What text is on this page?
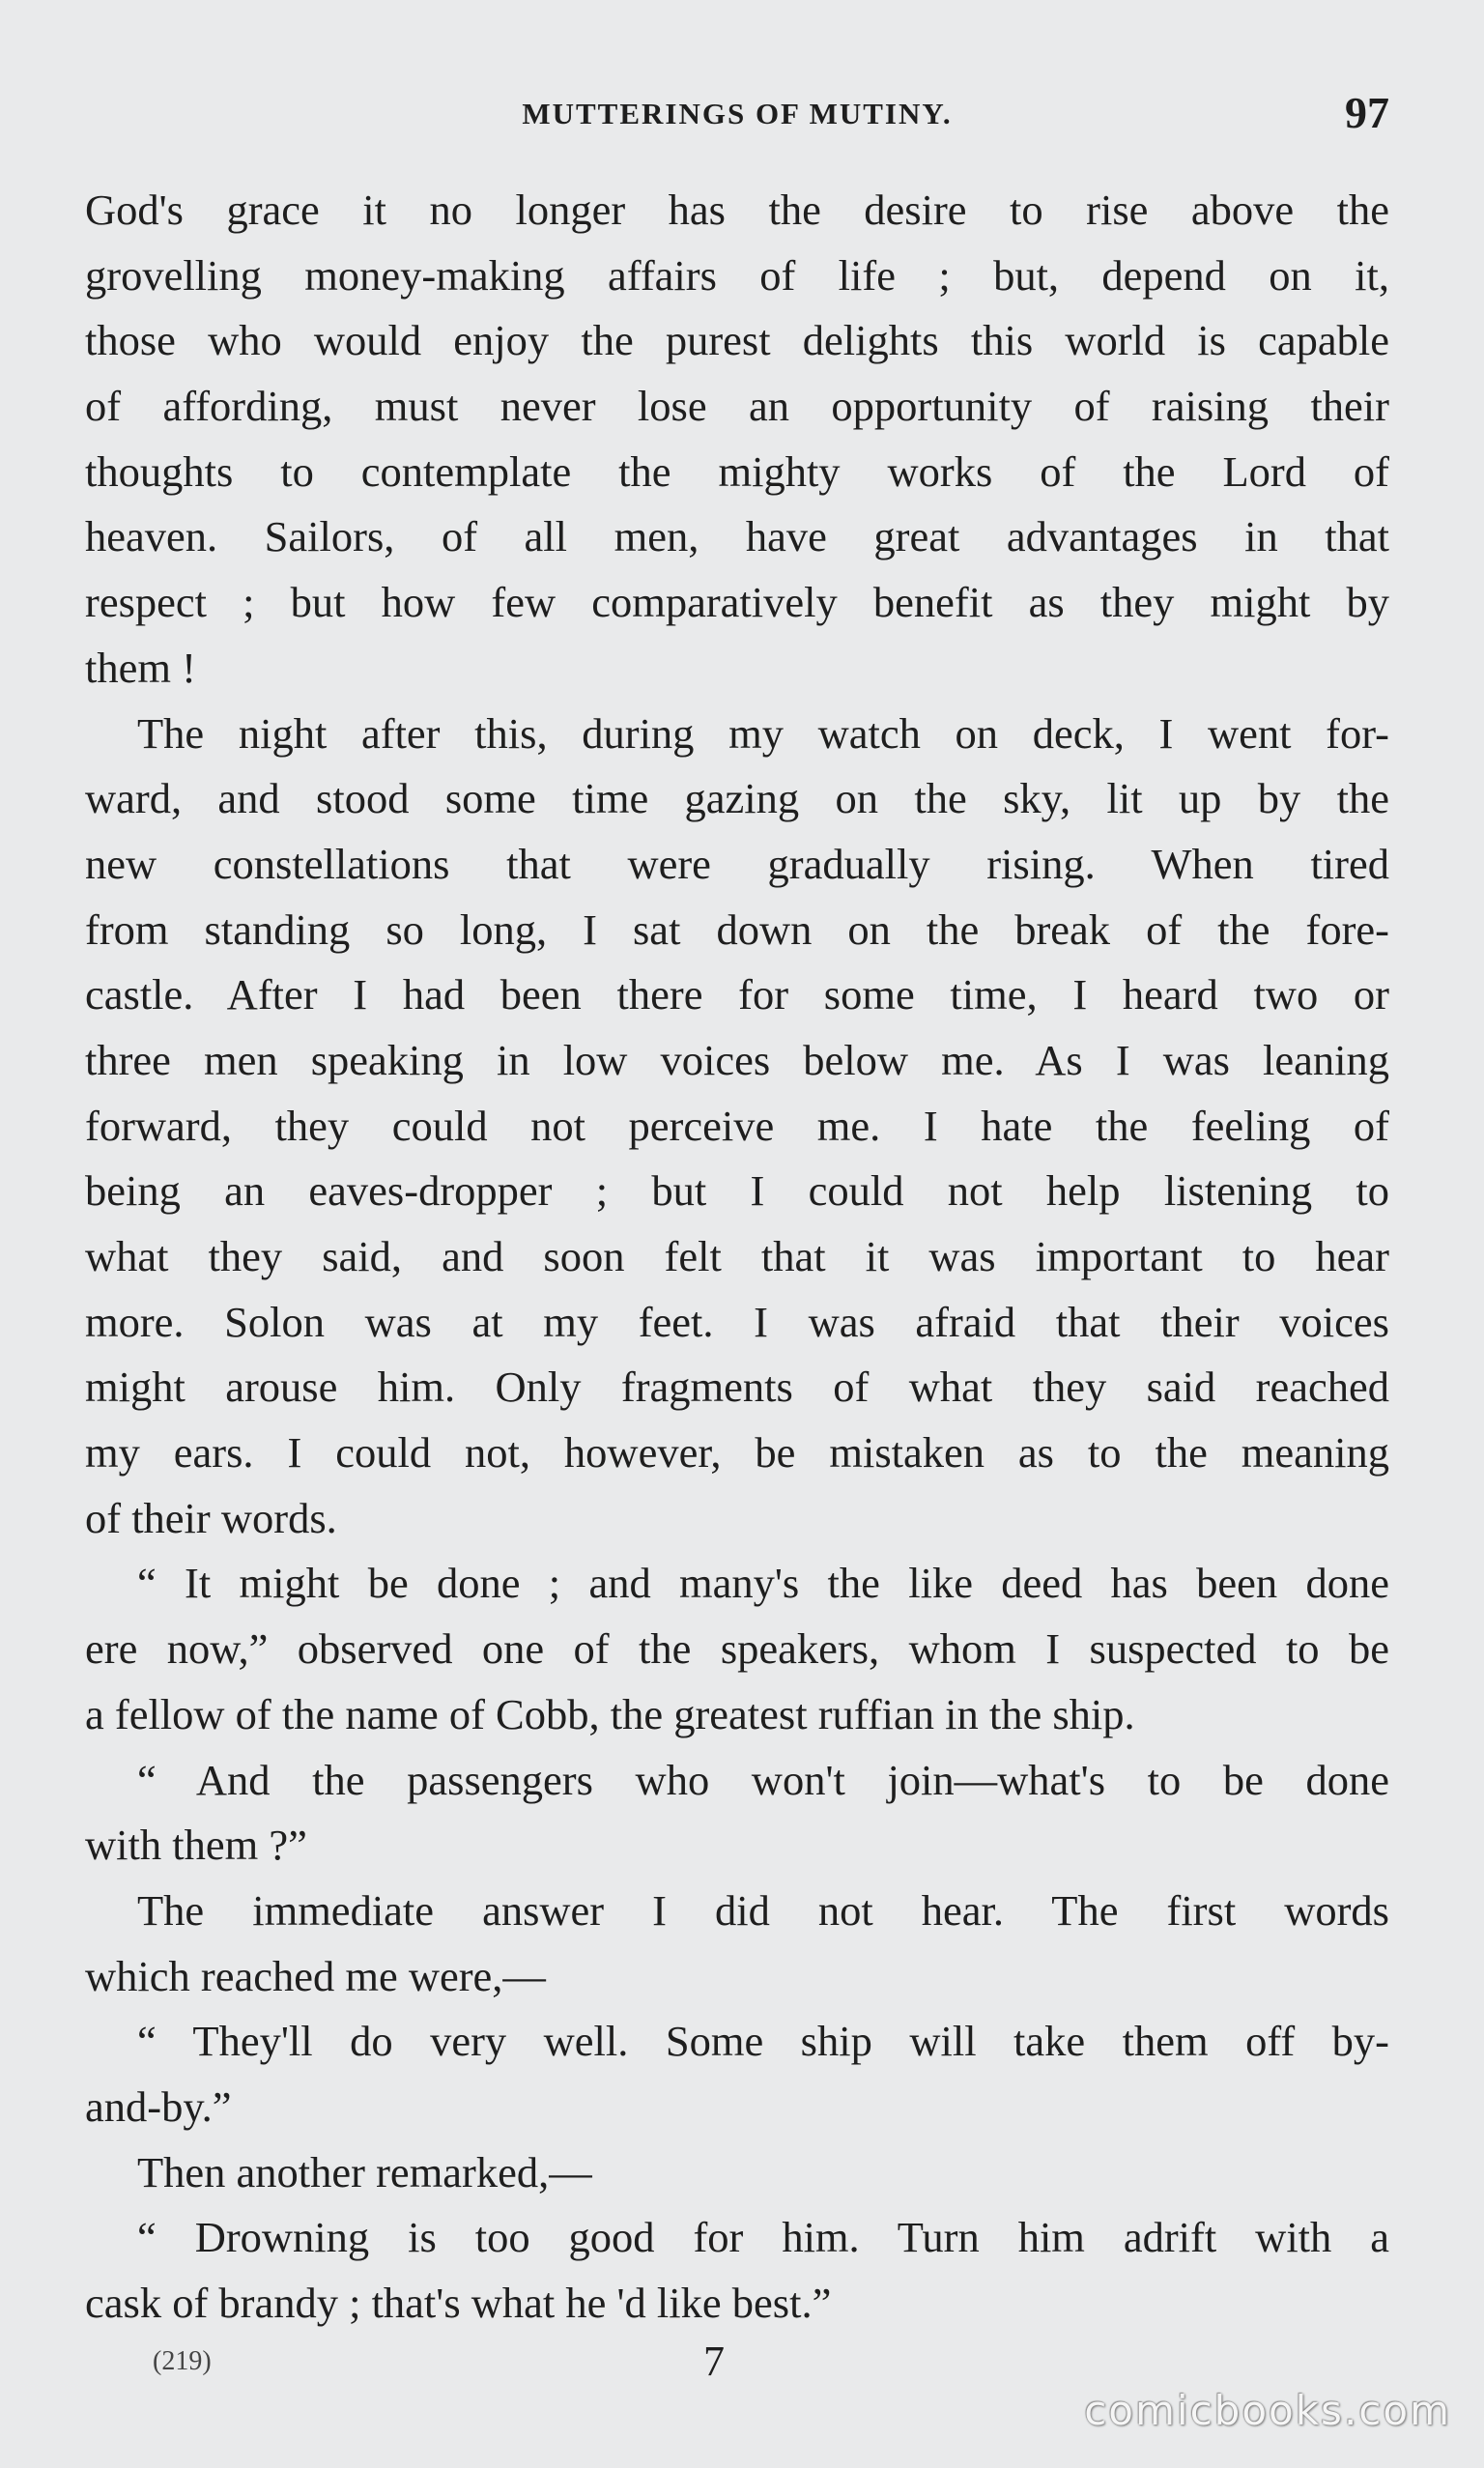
MUTTERINGS OF MUTINY.	97
God's grace it no longer has the desire to rise above the
grovelling money-making affairs of life ; but, depend on it,
those who would enjoy the purest delights this world is capable
of affording, must never lose an opportunity of raising their
thoughts to contemplate the mighty works of the Lord of
heaven. Sailors, of all men, have great advantages in that
respect ; but how few comparatively benefit as they might by
them !
The night after this, during my watch on deck, I went for-
ward, and stood some time gazing on the sky, lit up by the
new constellations that were gradually rising. When tired
from standing so long, I sat down on the break of the fore-
castle. After I had been there for some time, I heard two or
three men speaking in low voices below me. As I was leaning
forward, they could not perceive me. I hate the feeling of
being an eaves-dropper ; but I could not help listening to
what they said, and soon felt that it was important to hear
more. Solon was at my feet. I was afraid that their voices
might arouse him. Only fragments of what they said reached
my ears. I could not, however, be mistaken as to the meaning
of their words.
“ It might be done ; and many's the like deed has been done
ere now,” observed one of the speakers, whom I suspected to be
a fellow of the name of Cobb, the greatest ruffian in the ship.
“ And the passengers who won't join—what's to be done
with them ?”
The immediate answer I did not hear. The first words
which reached me were,—
“ They'll do very well. Some ship will take them off by-
and-by.”
Then another remarked,—
“ Drowning is too good for him. Turn him adrift with a
cask of brandy ; that's what he 'd like best.”
(219)	7
comicbooks.com
